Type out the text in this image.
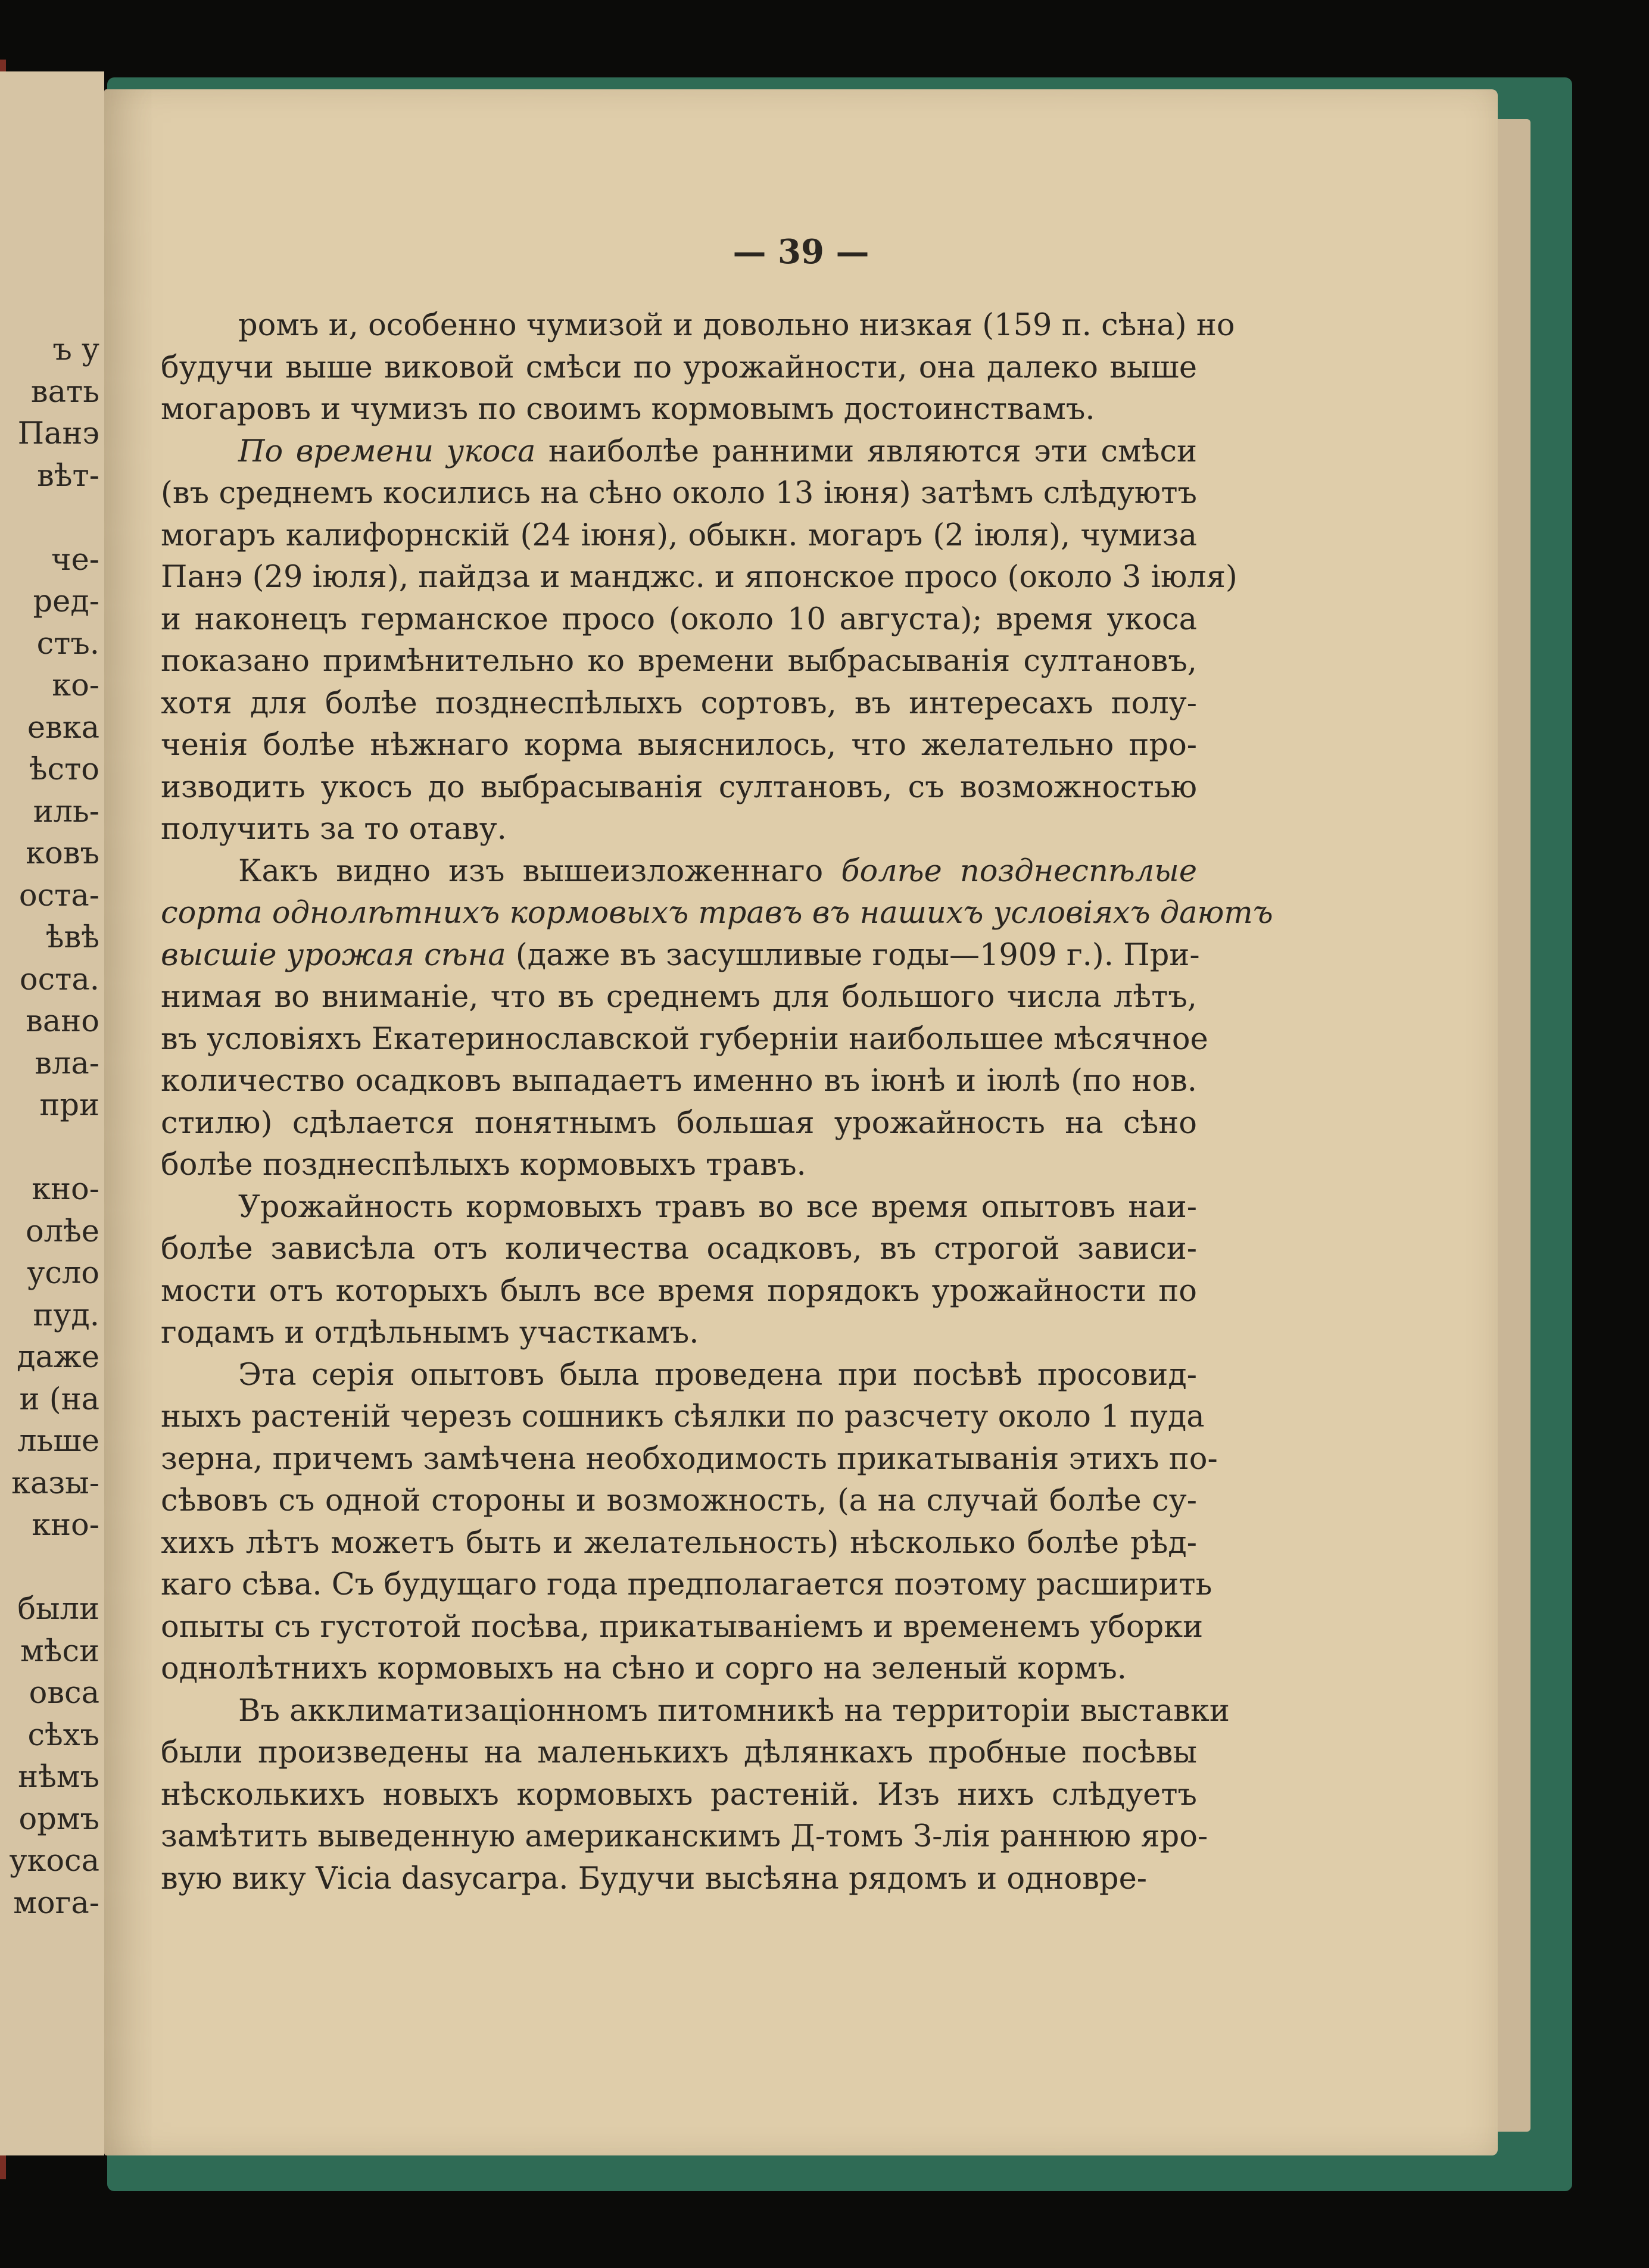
ъ у
вать
Панэ
вѣт-
че-
ред-
стъ.
ко-
евка
ѣсто
иль-
ковъ
оста-
ѣвѣ
оста.
вано
вла-
при
кно-
олѣе
усло
пуд.
даже
и (на
льше
казы-
кно-
были
мѣси
овса
сѣхъ
нѣмъ
ормъ
укоса
мога-
— 39 —

ромъ и, особенно чумизой и довольно низкая (159 п. сѣна) но
будучи выше виковой смѣси по урожайности, она далеко выше
могаровъ и чумизъ по своимъ кормовымъ достоинствамъ.

По времени укоса наиболѣе ранними являются эти смѣси
(въ среднемъ косились на сѣно около 13 іюня) затѣмъ слѣдуютъ
могаръ калифорнскій (24 іюня), обыкн. могаръ (2 іюля), чумиза
Панэ (29 іюля), пайдза и манджс. и японское просо (около 3 іюля)
и наконецъ германское просо (около 10 августа); время укоса
показано примѣнительно ко времени выбрасыванія султановъ,
хотя для болѣе позднеспѣлыхъ сортовъ, въ интересахъ полу-
ченія болѣе нѣжнаго корма выяснилось, что желательно про-
изводить укосъ до выбрасыванія султановъ, съ возможностью
получить за то отаву.

Какъ видно изъ вышеизложеннаго болѣе позднеспѣлые
сорта однолѣтнихъ кормовыхъ травъ въ нашихъ условіяхъ даютъ
высшіе урожая сѣна (даже въ засушливые годы—1909 г.). При-
нимая во вниманіе, что въ среднемъ для большого числа лѣтъ,
въ условіяхъ Екатеринославской губерніи наибольшее мѣсячное
количество осадковъ выпадаетъ именно въ іюнѣ и іюлѣ (по нов.
стилю) сдѣлается понятнымъ большая урожайность на сѣно
болѣе позднеспѣлыхъ кормовыхъ травъ.

Урожайность кормовыхъ травъ во все время опытовъ наи-
болѣе зависѣла отъ количества осадковъ, въ строгой зависи-
мости отъ которыхъ былъ все время порядокъ урожайности по
годамъ и отдѣльнымъ участкамъ.

Эта серія опытовъ была проведена при посѣвѣ просовид-
ныхъ растеній черезъ сошникъ сѣялки по разсчету около 1 пуда
зерна, причемъ замѣчена необходимость прикатыванія этихъ по-
сѣвовъ съ одной стороны и возможность, (а на случай болѣе су-
хихъ лѣтъ можетъ быть и желательность) нѣсколько болѣе рѣд-
каго сѣва. Съ будущаго года предполагается поэтому расширить
опыты съ густотой посѣва, прикатываніемъ и временемъ уборки
однолѣтнихъ кормовыхъ на сѣно и сорго на зеленый кормъ.

Въ акклиматизаціонномъ питомникѣ на территоріи выставки
были произведены на маленькихъ дѣлянкахъ пробные посѣвы
нѣсколькихъ новыхъ кормовыхъ растеній. Изъ нихъ слѣдуетъ
замѣтить выведенную американскимъ Д-томъ З-лія раннюю яро-
вую вику Vicia dasycarpa. Будучи высѣяна рядомъ и одновре-
